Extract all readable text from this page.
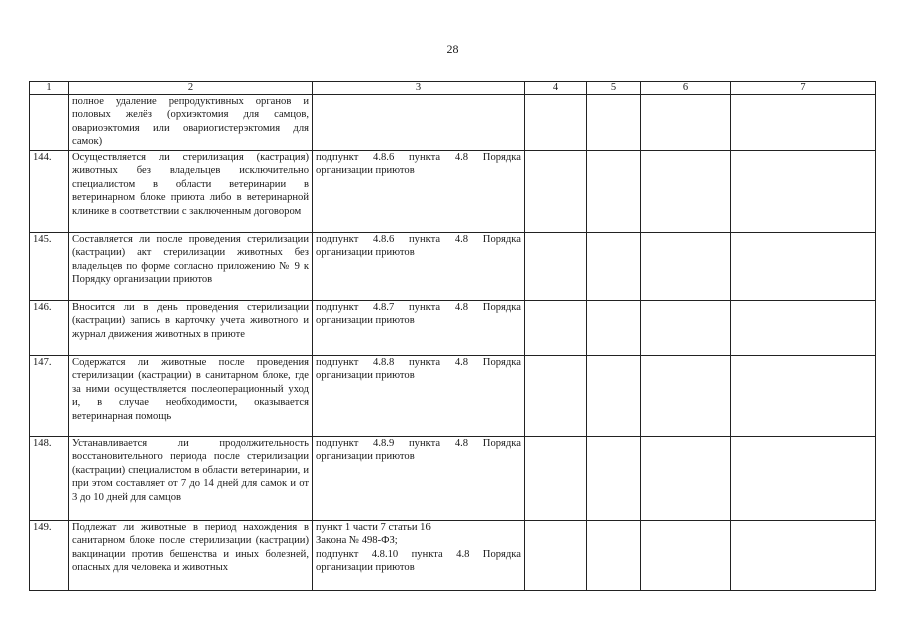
28
1	2	3	4	5	6	7
	полное удаление репродуктивных органов и половых желёз (орхиэктомия для самцов, овариоэктомия или овариогистерэктомия для самок)					
144.	Осуществляется ли стерилизация (кастрация) животных без владельцев исключительно специалистом в области ветеринарии в ветеринарном блоке приюта либо в ветеринарной клинике в соответствии с заключенным договором	подпункт 4.8.6 пункта 4.8 Порядка организации приютов				
145.	Составляется ли после проведения стерилизации (кастрации) акт стерилизации животных без владельцев по форме согласно приложению № 9 к Порядку организации приютов	подпункт 4.8.6 пункта 4.8 Порядка организации приютов				
146.	Вносится ли в день проведения стерилизации (кастрации) запись в карточку учета животного и журнал движения животных в приюте	подпункт 4.8.7 пункта 4.8 Порядка организации приютов				
147.	Содержатся ли животные после проведения стерилизации (кастрации) в санитарном блоке, где за ними осуществляется послеоперационный уход и, в случае необходимости, оказывается ветеринарная помощь	подпункт 4.8.8 пункта 4.8 Порядка организации приютов				
148.	Устанавливается ли продолжительность восстановительного периода после стерилизации (кастрации) специалистом в области ветеринарии, и при этом составляет от 7 до 14 дней для самок и от 3 до 10 дней для самцов	подпункт 4.8.9 пункта 4.8 Порядка организации приютов				
149.	Подлежат ли животные в период нахождения в санитарном блоке после стерилизации (кастрации) вакцинации против бешенства и иных болезней, опасных для человека и животных	пункт 1 части 7 статьи 16
Закона № 498-ФЗ;
подпункт 4.8.10 пункта 4.8 Порядка организации приютов				
